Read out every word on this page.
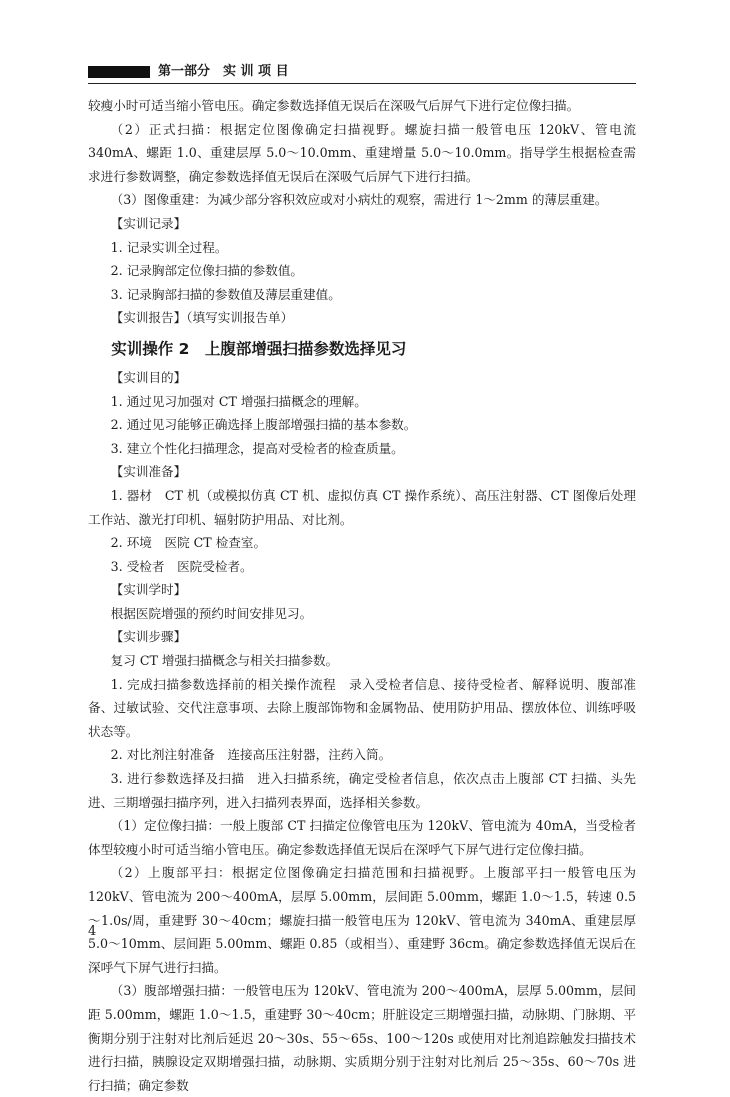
第一部分　实 训 项 目

较瘦小时可适当缩小管电压。确定参数选择值无误后在深吸气后屏气下进行定位像扫描。

（2）正式扫描：根据定位图像确定扫描视野。螺旋扫描一般管电压 120kV、管电流 340mA、螺距 1.0、重建层厚 5.0～10.0mm、重建增量 5.0～10.0mm。指导学生根据检查需求进行参数调整，确定参数选择值无误后在深吸气后屏气下进行扫描。

（3）图像重建：为减少部分容积效应或对小病灶的观察，需进行 1～2mm 的薄层重建。

【实训记录】

1. 记录实训全过程。

2. 记录胸部定位像扫描的参数值。

3. 记录胸部扫描的参数值及薄层重建值。

【实训报告】（填写实训报告单）

实训操作 2　上腹部增强扫描参数选择见习

【实训目的】

1. 通过见习加强对 CT 增强扫描概念的理解。

2. 通过见习能够正确选择上腹部增强扫描的基本参数。

3. 建立个性化扫描理念，提高对受检者的检查质量。

【实训准备】

1. 器材　CT 机（或模拟仿真 CT 机、虚拟仿真 CT 操作系统）、高压注射器、CT 图像后处理工作站、激光打印机、辐射防护用品、对比剂。

2. 环境　医院 CT 检查室。

3. 受检者　医院受检者。

【实训学时】

根据医院增强的预约时间安排见习。

【实训步骤】

复习 CT 增强扫描概念与相关扫描参数。

1. 完成扫描参数选择前的相关操作流程　录入受检者信息、接待受检者、解释说明、腹部准备、过敏试验、交代注意事项、去除上腹部饰物和金属物品、使用防护用品、摆放体位、训练呼吸状态等。

2. 对比剂注射准备　连接高压注射器，注药入筒。

3. 进行参数选择及扫描　进入扫描系统，确定受检者信息，依次点击上腹部 CT 扫描、头先进、三期增强扫描序列，进入扫描列表界面，选择相关参数。

（1）定位像扫描：一般上腹部 CT 扫描定位像管电压为 120kV、管电流为 40mA，当受检者体型较瘦小时可适当缩小管电压。确定参数选择值无误后在深呼气下屏气进行定位像扫描。

（2）上腹部平扫：根据定位图像确定扫描范围和扫描视野。上腹部平扫一般管电压为 120kV、管电流为 200～400mA，层厚 5.00mm，层间距 5.00mm，螺距 1.0～1.5，转速 0.5～1.0s/周，重建野 30～40cm；螺旋扫描一般管电压为 120kV、管电流为 340mA、重建层厚 5.0～10mm、层间距 5.00mm、螺距 0.85（或相当）、重建野 36cm。确定参数选择值无误后在深呼气下屏气进行扫描。

（3）腹部增强扫描：一般管电压为 120kV、管电流为 200～400mA，层厚 5.00mm，层间距 5.00mm，螺距 1.0～1.5，重建野 30～40cm；肝脏设定三期增强扫描，动脉期、门脉期、平衡期分别于注射对比剂后延迟 20～30s、55～65s、100～120s 或使用对比剂追踪触发扫描技术进行扫描，胰腺设定双期增强扫描，动脉期、实质期分别于注射对比剂后 25～35s、60～70s 进行扫描；确定参数

4
